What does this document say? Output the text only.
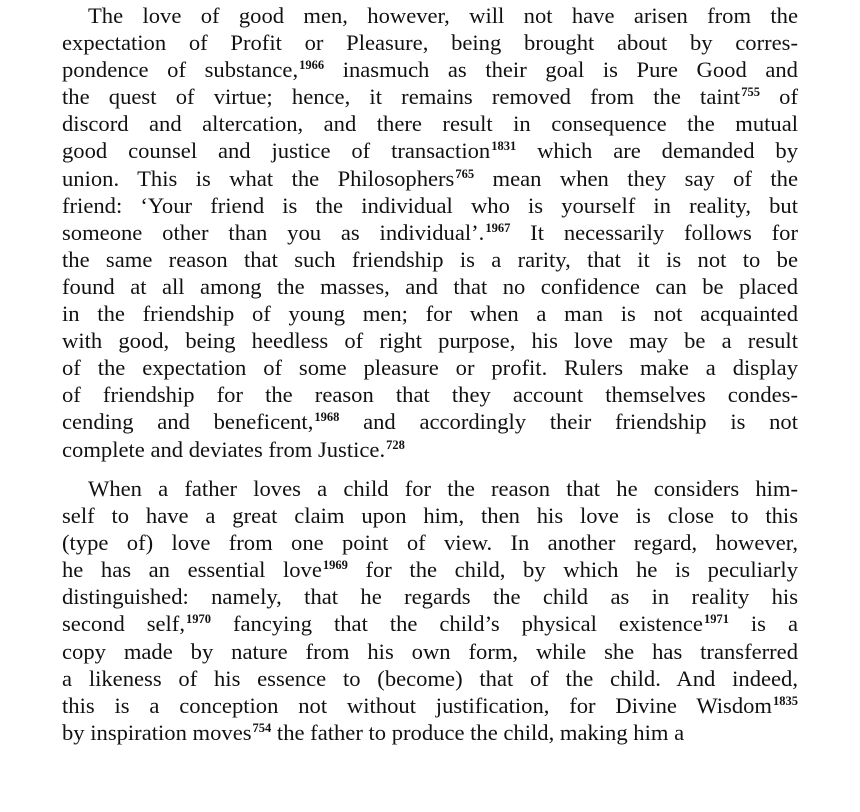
The love of good men, however, will not have arisen from the
expectation of Profit or Pleasure, being brought about by corres-
pondence of substance,$^{1966}$ inasmuch as their goal is Pure Good and
the quest of virtue; hence, it remains removed from the taint$^{755}$ of
discord and altercation, and there result in consequence the mutual
good counsel and justice of transaction$^{1831}$ which are demanded by
union. This is what the Philosophers$^{765}$ mean when they say of the
friend: ‘Your friend is the individual who is yourself in reality, but
someone other than you as individual’.$^{1967}$ It necessarily follows for
the same reason that such friendship is a rarity, that it is not to be
found at all among the masses, and that no confidence can be placed
in the friendship of young men; for when a man is not acquainted
with good, being heedless of right purpose, his love may be a result
of the expectation of some pleasure or profit. Rulers make a display
of friendship for the reason that they account themselves condes-
cending and beneficent,$^{1968}$ and accordingly their friendship is not
complete and deviates from Justice.$^{728}$
When a father loves a child for the reason that he considers him-
self to have a great claim upon him, then his love is close to this
(type of) love from one point of view. In another regard, however,
he has an essential love$^{1969}$ for the child, by which he is peculiarly
distinguished: namely, that he regards the child as in reality his
second self,$^{1970}$ fancying that the child’s physical existence$^{1971}$ is a
copy made by nature from his own form, while she has transferred
a likeness of his essence to (become) that of the child. And indeed,
this is a conception not without justification, for Divine Wisdom$^{1835}$
by inspiration moves$^{754}$ the father to produce the child, making him a
